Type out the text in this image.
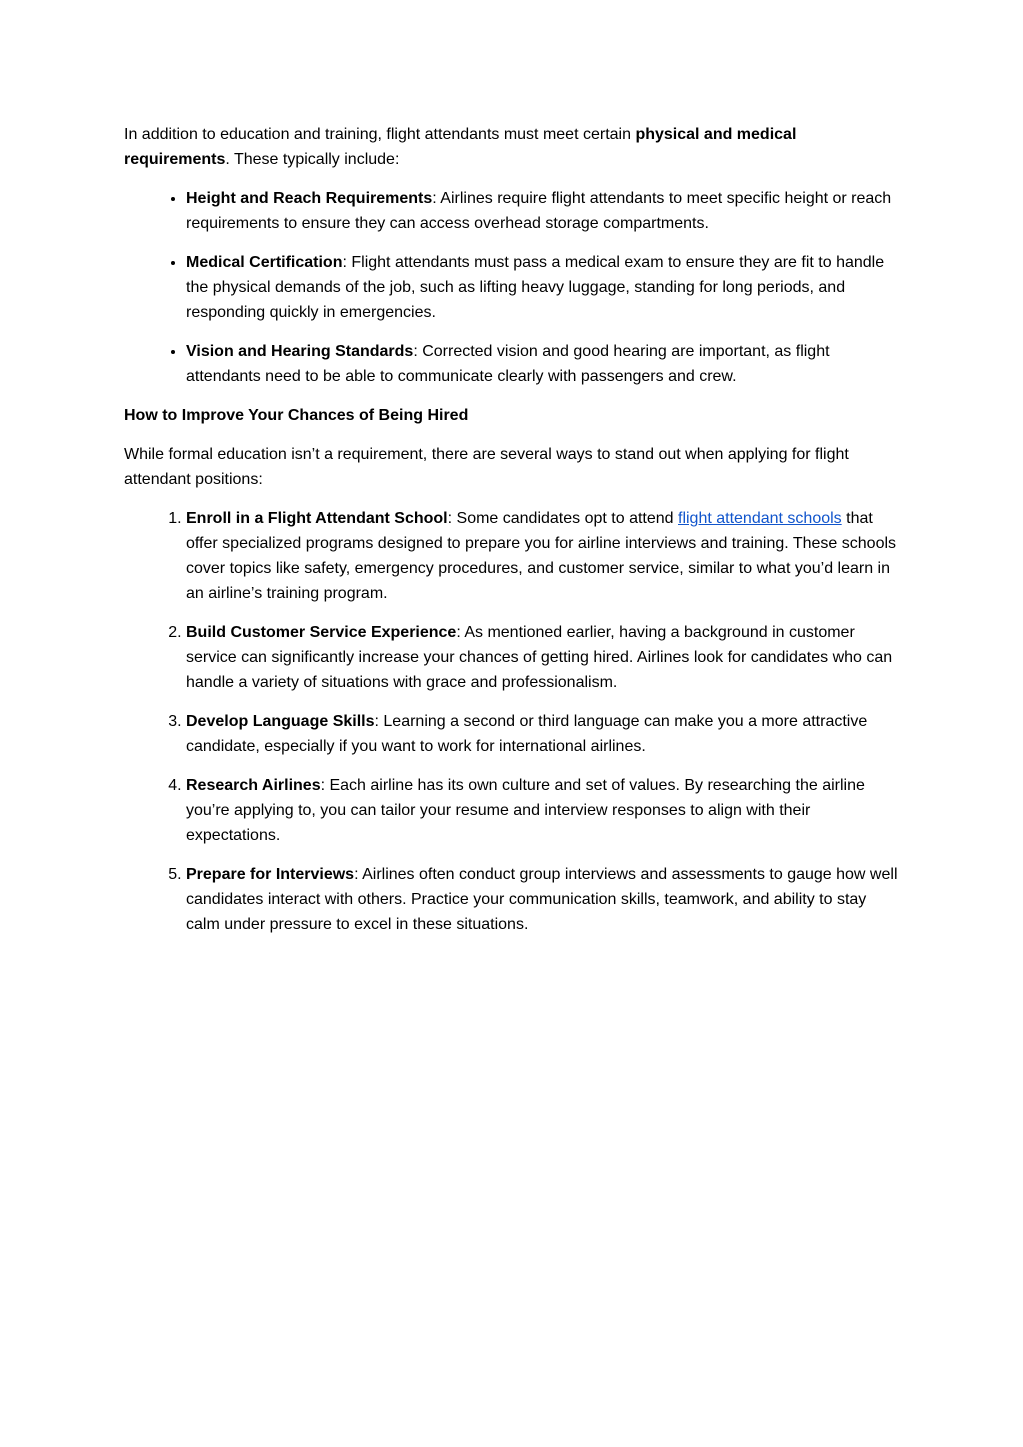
In addition to education and training, flight attendants must meet certain physical and medical requirements. These typically include:

• Height and Reach Requirements: Airlines require flight attendants to meet specific height or reach requirements to ensure they can access overhead storage compartments.
• Medical Certification: Flight attendants must pass a medical exam to ensure they are fit to handle the physical demands of the job, such as lifting heavy luggage, standing for long periods, and responding quickly in emergencies.
• Vision and Hearing Standards: Corrected vision and good hearing are important, as flight attendants need to be able to communicate clearly with passengers and crew.

How to Improve Your Chances of Being Hired

While formal education isn’t a requirement, there are several ways to stand out when applying for flight attendant positions:

1. Enroll in a Flight Attendant School: Some candidates opt to attend flight attendant schools that offer specialized programs designed to prepare you for airline interviews and training. These schools cover topics like safety, emergency procedures, and customer service, similar to what you’d learn in an airline’s training program.
2. Build Customer Service Experience: As mentioned earlier, having a background in customer service can significantly increase your chances of getting hired. Airlines look for candidates who can handle a variety of situations with grace and professionalism.
3. Develop Language Skills: Learning a second or third language can make you a more attractive candidate, especially if you want to work for international airlines.
4. Research Airlines: Each airline has its own culture and set of values. By researching the airline you’re applying to, you can tailor your resume and interview responses to align with their expectations.
5. Prepare for Interviews: Airlines often conduct group interviews and assessments to gauge how well candidates interact with others. Practice your communication skills, teamwork, and ability to stay calm under pressure to excel in these situations.
